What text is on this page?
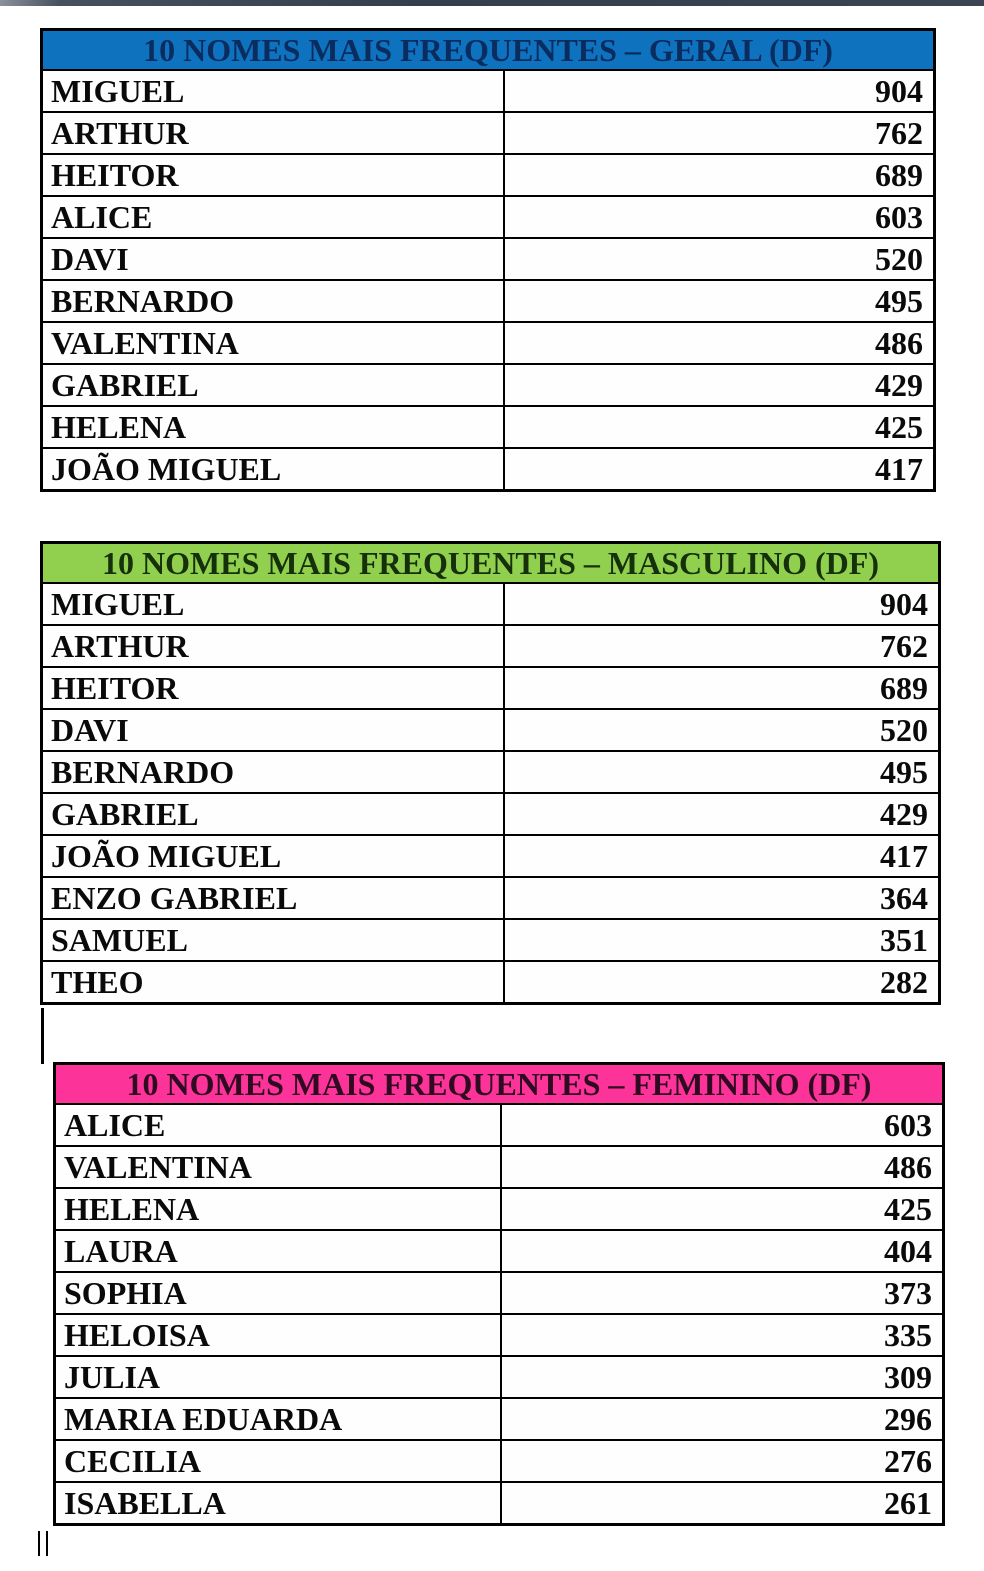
10 NOMES MAIS FREQUENTES – GERAL (DF)
MIGUEL	904
ARTHUR	762
HEITOR	689
ALICE	603
DAVI	520
BERNARDO	495
VALENTINA	486
GABRIEL	429
HELENA	425
JOÃO MIGUEL	417
10 NOMES MAIS FREQUENTES – MASCULINO (DF)
MIGUEL	904
ARTHUR	762
HEITOR	689
DAVI	520
BERNARDO	495
GABRIEL	429
JOÃO MIGUEL	417
ENZO GABRIEL	364
SAMUEL	351
THEO	282
10 NOMES MAIS FREQUENTES – FEMININO (DF)
ALICE	603
VALENTINA	486
HELENA	425
LAURA	404
SOPHIA	373
HELOISA	335
JULIA	309
MARIA EDUARDA	296
CECILIA	276
ISABELLA	261
